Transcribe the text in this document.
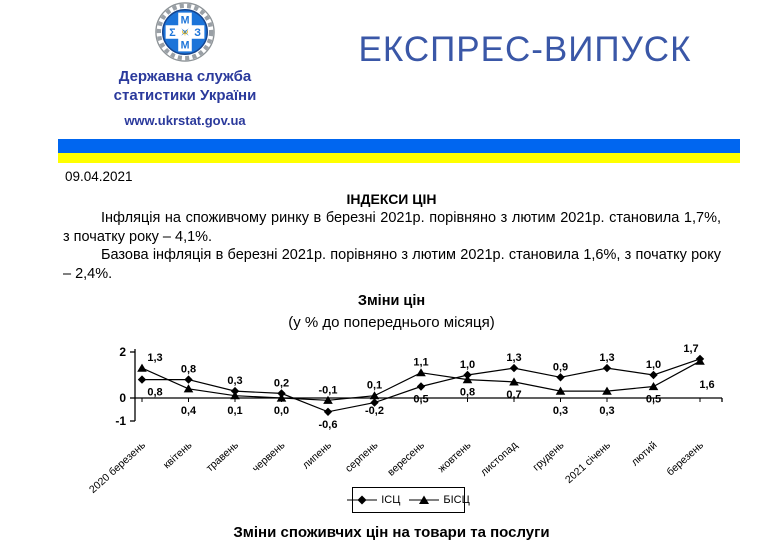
М
З
М
Ʃ Ψ
Державна служба
статистики України
www.ukrstat.gov.ua
ЕКСПРЕС-ВИПУСК
09.04.2021
ІНДЕКСИ ЦІН

Інфляція на споживчому ринку в березні 2021р. порівняно з лютим 2021р. становила 1,7%, з початку року – 4,1%.

Базова інфляція в березні 2021р. порівняно з лютим 2021р. становила 1,6%, з початку року – 2,4%.

Зміни цін
(у % до попереднього місяця)
2
0
-1
2020 березень квітень травень червень липень серпень вересень жовтень листопад грудень
2021 січень лютий березень
1,3
0,8
0,8
0,4
0,3
0,1
0,2
0,0
-0,1
-0,6
0,1
-0,2
1,1
0,5
1,0
0,8
1,3
0,7
0,9
0,3
1,3
0,3
1,0
0,5
1,7
1,6
ІСЦ	БІСЦ
Зміни споживчих цін на товари та послуги
